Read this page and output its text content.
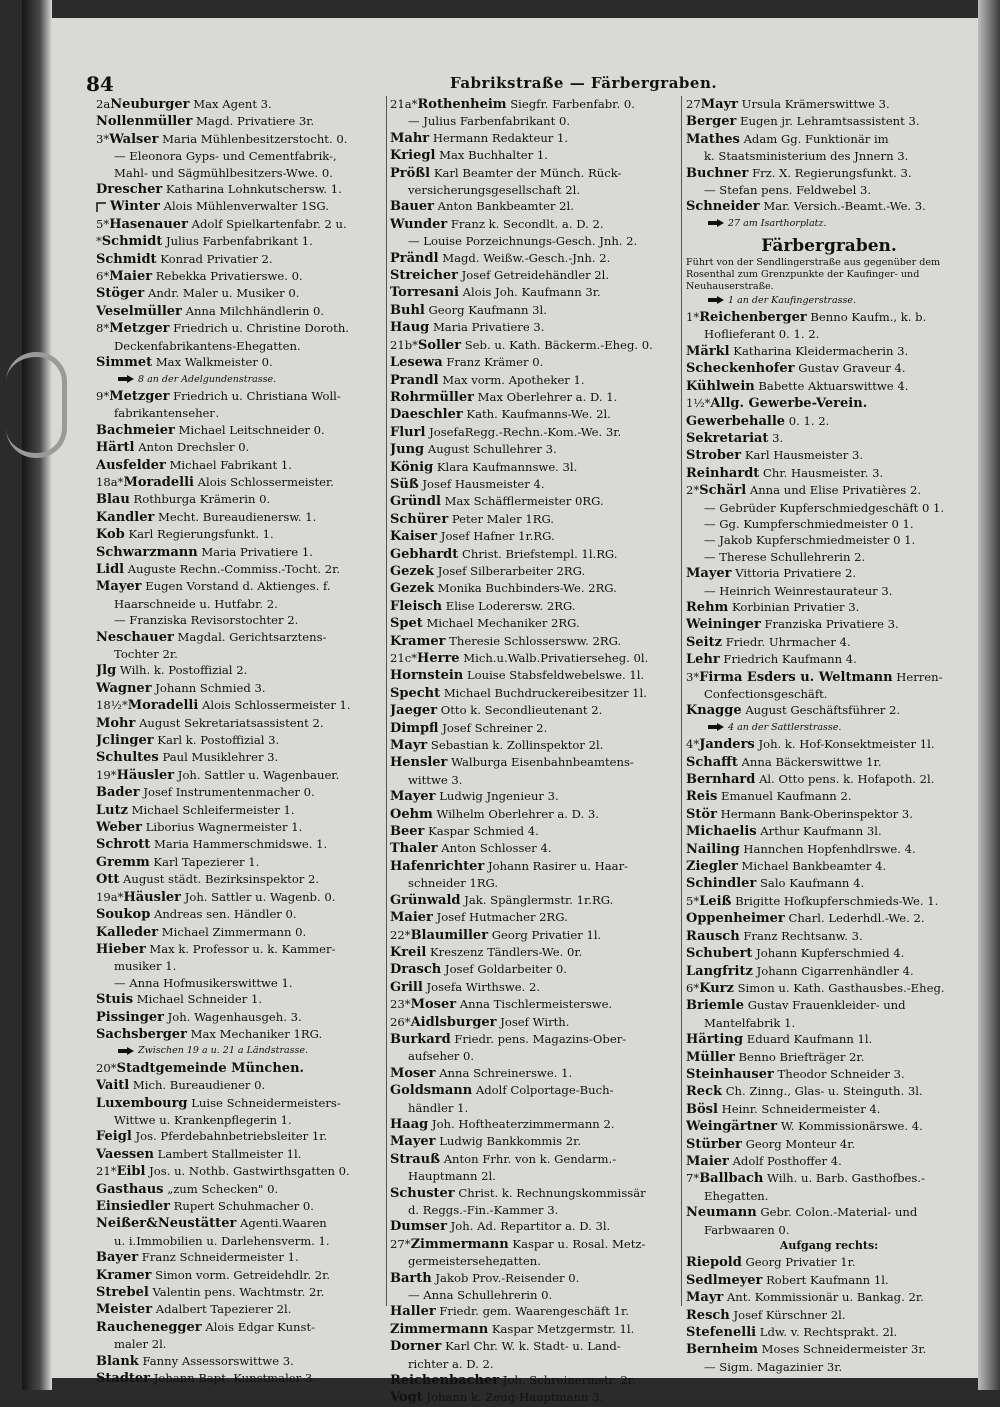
84	Fabrikstraße — Färbergraben.
2aNeuburger Max Agent 3.
Nollenmüller Magd. Privatiere 3r.
3*Walser Maria Mühlenbesitzerstocht. 0.
— Eleonora Gyps- und Cementfabrik-,
Mahl- und Sägmühlbesitzers-Wwe. 0.
Drescher Katharina Lohnkutschersw. 1.
Winter Alois Mühlenverwalter 1SG.
5*Hasenauer Adolf Spielkartenfabr. 2 u.
*Schmidt Julius Farbenfabrikant 1.
Schmidt Konrad Privatier 2.
6*Maier Rebekka Privatierswe. 0.
Stöger Andr. Maler u. Musiker 0.
Veselmüller Anna Milchhändlerin 0.
8*Metzger Friedrich u. Christine Doroth.
Deckenfabrikantens-Ehegatten.
Simmet Max Walkmeister 0.
8 an der Adelgundenstrasse.
9*Metzger Friedrich u. Christiana Woll-
fabrikantensehег.
Bachmeier Michael Leitschneider 0.
Härtl Anton Drechsler 0.
Ausfelder Michael Fabrikant 1.
18a*Moradelli Alois Schlossermeister.
Blau Rothburga Krämerin 0.
Kandler Mecht. Bureaudienersw. 1.
Kob Karl Regierungsfunkt. 1.
Schwarzmann Maria Privatiere 1.
Lidl Auguste Rechn.-Commiss.-Tocht. 2r.
Mayer Eugen Vorstand d. Aktienges. f.
Haarschneide u. Hutfabr. 2.
— Franziska Revisorstochter 2.
Neschauer Magdal. Gerichtsarztens-
Tochter 2r.
Jlg Wilh. k. Postoffizial 2.
Wagner Johann Schmied 3.
18½*Moradelli Alois Schlossermeister 1.
Mohr August Sekretariatsassistent 2.
Jclinger Karl k. Postoffizial 3.
Schultes Paul Musiklehrer 3.
19*Häusler Joh. Sattler u. Wagenbauer.
Bader Josef Instrumentenmacher 0.
Lutz Michael Schleifermeister 1.
Weber Liborius Wagnermeister 1.
Schrott Maria Hammerschmidswe. 1.
Gremm Karl Tapezierer 1.
Ott August städt. Bezirksinspektor 2.
19a*Häusler Joh. Sattler u. Wagenb. 0.
Soukop Andreas sen. Händler 0.
Kalleder Michael Zimmermann 0.
Hieber Max k. Professor u. k. Kammer-
musiker 1.
— Anna Hofmusikerswittwe 1.
Stuis Michael Schneider 1.
Pissinger Joh. Wagenhausgeh. 3.
Sachsberger Max Mechaniker 1RG.
Zwischen 19 a u. 21 a Ländstrasse.
20*Stadtgemeinde München.
Vaitl Mich. Bureaudiener 0.
Luxembourg Luise Schneidermeisters-
Wittwe u. Krankenpflegerin 1.
Feigl Jos. Pferdebahnbetriebsleiter 1r.
Vaessen Lambert Stallmeister 1l.
21*Eibl Jos. u. Nothb. Gastwirthsgatten 0.
Gasthaus „zum Schecken" 0.
Einsiedler Rupert Schuhmacher 0.
Neißer&Neustätter Agentі.Waaren
u. i.Immobilien u. Darlehensverm. 1.
Bayer Franz Schneidermeister 1.
Kramer Simon vorm. Getreidehdlr. 2r.
Strebel Valentin pens. Wachtmstr. 2r.
Meister Adalbert Tapezierer 2l.
Rauchenegger Alois Edgar Kunst-
maler 2l.
Blank Fanny Assessorswittwe 3.
Stadter Johann Bapt. Kunstmaler 3.
21a*Rothenheim Siegfr. Farbenfabr. 0.
— Julius Farbenfabrikant 0.
Mahr Hermann Redakteur 1.
Kriegl Max Buchhalter 1.
Prößl Karl Beamter der Münch. Rück-
versicherungsgesellschaft 2l.
Bauer Anton Bankbeamter 2l.
Wunder Franz k. Secondlt. a. D. 2.
— Louise Porzeichnungs-Gesch. Jnh. 2.
Prändl Magd. Weißw.-Gesch.-Jnh. 2.
Streicher Josef Getreidehändler 2l.
Torresani Alois Joh. Kaufmann 3r.
Buhl Georg Kaufmann 3l.
Haug Maria Privatiere 3.
21b*Soller Seb. u. Kath. Bäckerm.-Eheg. 0.
Lesewa Franz Krämer 0.
Prandl Max vorm. Apotheker 1.
Rohrmüller Max Oberlehrer a. D. 1.
Daeschler Kath. Kaufmanns-We. 2l.
Flurl JosefaRegg.-Rechn.-Kom.-We. 3r.
Jung August Schullehrer 3.
König Klara Kaufmannswe. 3l.
Süß Josef Hausmeister 4.
Gründl Max Schäfflermeister 0RG.
Schürer Peter Maler 1RG.
Kaiser Josef Hafner 1r.RG.
Gebhardt Christ. Briefstempl. 1l.RG.
Gezek Josef Silberarbeiter 2RG.
Gezek Monika Buchbinders-We. 2RG.
Fleisch Elise Loderersw. 2RG.
Spet Michael Mechaniker 2RG.
Kramer Theresie Schlossersww. 2RG.
21c*Herre Mich.u.Walb.Privatierseheg. 0l.
Hornstein Louise Stabsfeldwebelswe. 1l.
Specht Michael Buchdruckereibesitzer 1l.
Jaeger Otto k. Secondlieutenant 2.
Dimpfl Josef Schreiner 2.
Mayr Sebastian k. Zollinspektor 2l.
Hensler Walburga Eisenbahnbeamtens-
wittwe 3.
Mayer Ludwig Jngenieur 3.
Oehm Wilhelm Oberlehrer a. D. 3.
Beer Kaspar Schmied 4.
Thaler Anton Schlosser 4.
Hafenrichter Johann Rasirer u. Haar-
schneider 1RG.
Grünwald Jak. Spänglermstr. 1r.RG.
Maier Josef Hutmacher 2RG.
22*Blaumiller Georg Privatier 1l.
Kreil Kreszenz Tändlers-We. 0r.
Drasch Josef Goldarbeiter 0.
Grill Josefa Wirthswe. 2.
23*Moser Anna Tischlermeisterswe.
26*Aidlsburger Josef Wirth.
Burkard Friedr. pens. Magazins-Ober-
aufseher 0.
Moser Anna Schreinerswe. 1.
Goldsmann Adolf Colportage-Buch-
händler 1.
Haag Joh. Hoftheaterzimmermann 2.
Mayer Ludwig Bankkommis 2r.
Strauß Anton Frhr. von k. Gendarm.-
Hauptmann 2l.
Schuster Christ. k. Rechnungskommissär
d. Reggs.-Fin.-Kammer 3.
Dumser Joh. Ad. Repartitor a. D. 3l.
27*Zimmermann Kaspar u. Rosal. Metz-
germeisterseheдatten.
Barth Jakob Prov.-Reisender 0.
— Anna Schullehrerin 0.
Haller Friedr. gem. Waarengeschäft 1r.
Zimmermann Kaspar Metzgermstr. 1l.
Dorner Karl Chr. W. k. Stadt- u. Land-
richter a. D. 2.
Reichenbacher Joh. Schreinermstr. 2r.
Vogt Johann k. Zeug-Hauptmann 3.
27Mayr Ursula Krämerswittwe 3.
Berger Eugen jr. Lehramtsassistent 3.
Mathes Adam Gg. Funktionär im
k. Staatsministerium des Jnnern 3.
Buchner Frz. X. Regierungsfunkt. 3.
— Stefan pens. Feldwebel 3.
Schneider Mar. Versich.-Beamt.-We. 3.
27 am Isarthorplatz.
Färbergraben.
Führt von der Sendlingerstraße aus gegenüber dem Rosenthal zum Grenzpunkte der Kaufinger- und Neuhauserstraße.
1 an der Kaufingerstrasse.
1*Reichenberger Benno Kaufm., k. b.
Hoflieferant 0. 1. 2.
Märkl Katharina Kleidermacherin 3.
Scheckenhofer Gustav Graveur 4.
Kühlwein Babette Aktuarswittwe 4.
1½*Allg. Gewerbe-Verein.
Gewerbehalle 0. 1. 2.
Sekretariat 3.
Strober Karl Hausmeister 3.
Reinhardt Chr. Hausmeister. 3.
2*Schärl Anna und Elise Privatières 2.
— Gebrüder Kupferschmiedgeschäft 0 1.
— Gg. Kumpferschmiedmeister 0 1.
— Jakob Kupferschmiedmeister 0 1.
— Therese Schullehrerin 2.
Mayer Vittoria Privatiere 2.
— Heinrich Weinrestaurateur 3.
Rehm Korbinian Privatier 3.
Weininger Franziska Privatiere 3.
Seitz Friedr. Uhrmacher 4.
Lehr Friedrich Kaufmann 4.
3*Firma Esders u. Weltmann Herren-
Confectionsgeschäft.
Knagge August Geschäftsführer 2.
4 an der Sattlerstrasse.
4*Janders Joh. k. Hof-Konsektmeister 1l.
Schafft Anna Bäckerswittwe 1r.
Bernhard Al. Otto pens. k. Hofapoth. 2l.
Reis Emanuel Kaufmann 2.
Stör Hermann Bank-Oberinspektor 3.
Michaelis Arthur Kaufmann 3l.
Nailing Hannchen Hopfenhdlrswe. 4.
Ziegler Michael Bankbeamter 4.
Schindler Salo Kaufmann 4.
5*Leiß Brigitte Hofkupferschmieds-We. 1.
Oppenheimer Charl. Lederhdl.-We. 2.
Rausch Franz Rechtsanw. 3.
Schubert Johann Kupferschmied 4.
Langfritz Johann Cigarrenhändler 4.
6*Kurz Simon u. Kath. Gasthausbes.-Eheg.
Briemle Gustav Frauenkleider- und
Mantelfabrik 1.
Härting Eduard Kaufmann 1l.
Müller Benno Briefträger 2r.
Steinhauser Theodor Schneider 3.
Reck Ch. Zinng., Glas- u. Steinguth. 3l.
Bösl Heinr. Schneidermeister 4.
Weingärtner W. Kommissionärswe. 4.
Stürber Georg Monteur 4r.
Maier Adolf Posthoffer 4.
7*Ballbach Wilh. u. Barb. Gasthofbes.-
Ehegatten.
Neumann Gebr. Colon.-Material- und
Farbwaaren 0.
Aufgang rechts:
Riepold Georg Privatier 1r.
Sedlmeyer Robert Kaufmann 1l.
Mayr Ant. Kommissionär u. Bankag. 2r.
Resch Josef Kürschner 2l.
Stefenelli Ldw. v. Rechtsprakt. 2l.
Bernheim Moses Schneidermeister 3r.
— Sigm. Magazinier 3r.
